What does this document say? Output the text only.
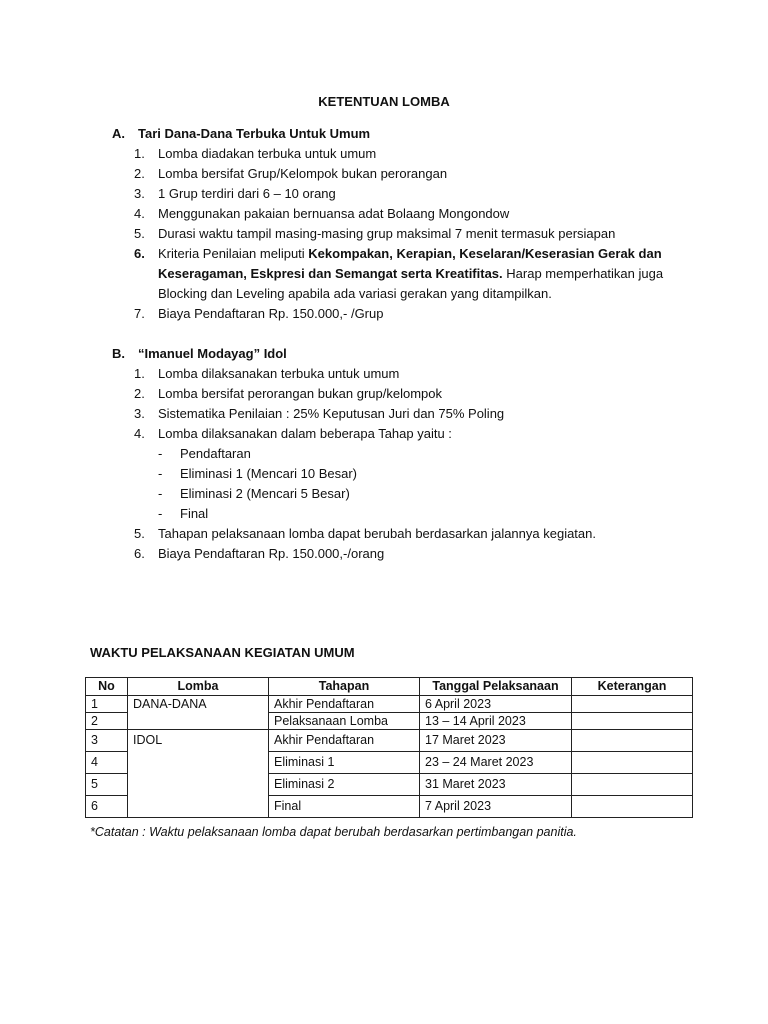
KETENTUAN LOMBA
A. Tari Dana-Dana Terbuka Untuk Umum
1. Lomba diadakan terbuka untuk umum
2. Lomba bersifat Grup/Kelompok bukan perorangan
3. 1 Grup terdiri dari 6 – 10 orang
4. Menggunakan pakaian bernuansa adat Bolaang Mongondow
5. Durasi waktu tampil masing-masing grup maksimal 7 menit termasuk persiapan
6. Kriteria Penilaian meliputi Kekompakan, Kerapian, Keselaran/Keserasian Gerak dan Keseragaman, Eskpresi dan Semangat serta Kreatifitas. Harap memperhatikan juga Blocking dan Leveling apabila ada variasi gerakan yang ditampilkan.
7. Biaya Pendaftaran Rp. 150.000,- /Grup
B. “Imanuel Modayag” Idol
1. Lomba dilaksanakan terbuka untuk umum
2. Lomba bersifat perorangan bukan grup/kelompok
3. Sistematika Penilaian : 25% Keputusan Juri dan 75% Poling
4. Lomba dilaksanakan dalam beberapa Tahap yaitu :
- Pendaftaran
- Eliminasi 1 (Mencari 10 Besar)
- Eliminasi 2 (Mencari 5 Besar)
- Final
5. Tahapan pelaksanaan lomba dapat berubah berdasarkan jalannya kegiatan.
6. Biaya Pendaftaran Rp. 150.000,-/orang
WAKTU PELAKSANAAN KEGIATAN UMUM
No	Lomba	Tahapan	Tanggal Pelaksanaan	Keterangan
1	DANA-DANA	Akhir Pendaftaran	6 April 2023	
2		Pelaksanaan Lomba	13 – 14 April 2023	
3	IDOL	Akhir Pendaftaran	17 Maret 2023	
4		Eliminasi 1	23 – 24 Maret 2023	
5		Eliminasi 2	31 Maret 2023	
6		Final	7 April 2023	
*Catatan : Waktu pelaksanaan lomba dapat berubah berdasarkan pertimbangan panitia.
